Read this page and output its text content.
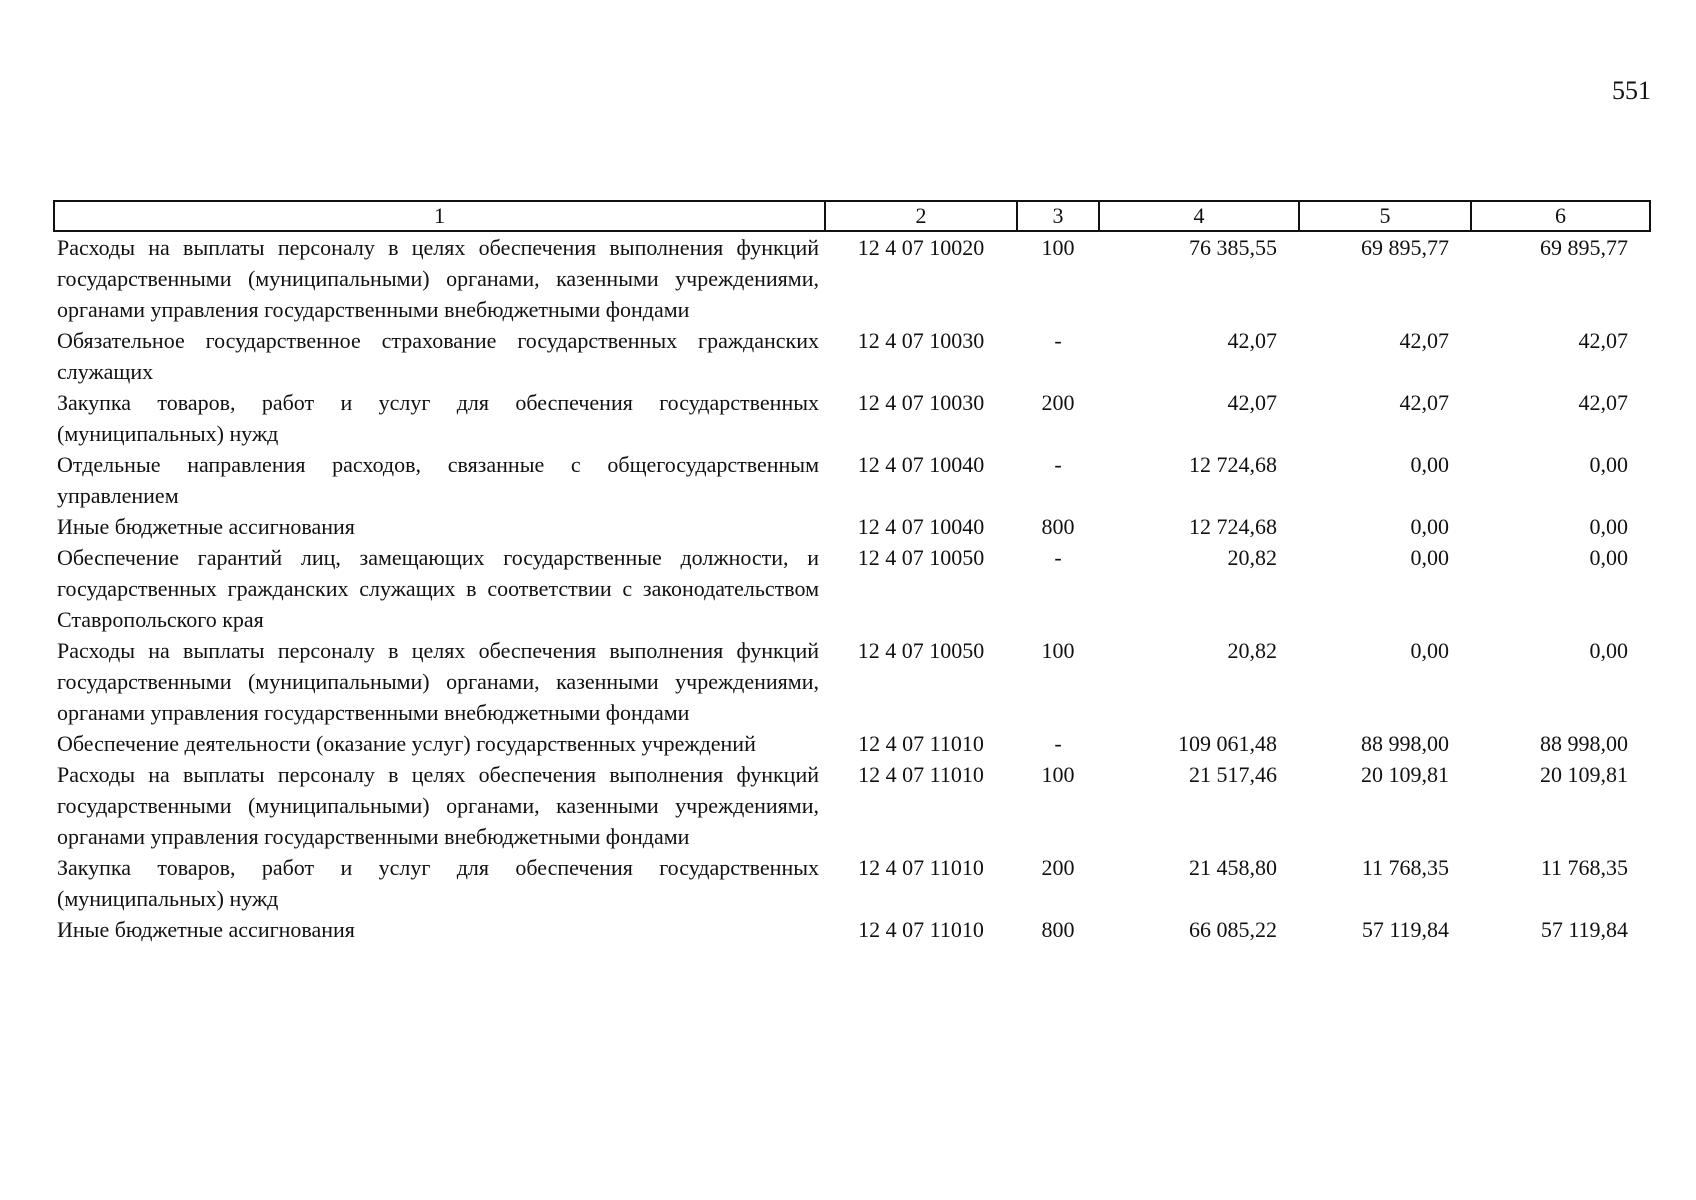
551
1	2	3	4	5	6
Расходы на выплаты персоналу в целях обеспечения выполнения функций государственными (муниципальными) органами, казенными учреждениями, органами управления государственными внебюджетными фондами	12 4 07 10020	100	76 385,55	69 895,77	69 895,77
Обязательное государственное страхование государственных гражданских служащих	12 4 07 10030	-	42,07	42,07	42,07
Закупка товаров, работ и услуг для обеспечения государственных (муниципальных) нужд	12 4 07 10030	200	42,07	42,07	42,07
Отдельные направления расходов, связанные с общегосударственным управлением	12 4 07 10040	-	12 724,68	0,00	0,00
Иные бюджетные ассигнования	12 4 07 10040	800	12 724,68	0,00	0,00
Обеспечение гарантий лиц, замещающих государственные должности, и государственных гражданских служащих в соответствии с законодательством Ставропольского края	12 4 07 10050	-	20,82	0,00	0,00
Расходы на выплаты персоналу в целях обеспечения выполнения функций государственными (муниципальными) органами, казенными учреждениями, органами управления государственными внебюджетными фондами	12 4 07 10050	100	20,82	0,00	0,00
Обеспечение деятельности (оказание услуг) государственных учреждений	12 4 07 11010	-	109 061,48	88 998,00	88 998,00
Расходы на выплаты персоналу в целях обеспечения выполнения функций государственными (муниципальными) органами, казенными учреждениями, органами управления государственными внебюджетными фондами	12 4 07 11010	100	21 517,46	20 109,81	20 109,81
Закупка товаров, работ и услуг для обеспечения государственных (муниципальных) нужд	12 4 07 11010	200	21 458,80	11 768,35	11 768,35
Иные бюджетные ассигнования	12 4 07 11010	800	66 085,22	57 119,84	57 119,84
